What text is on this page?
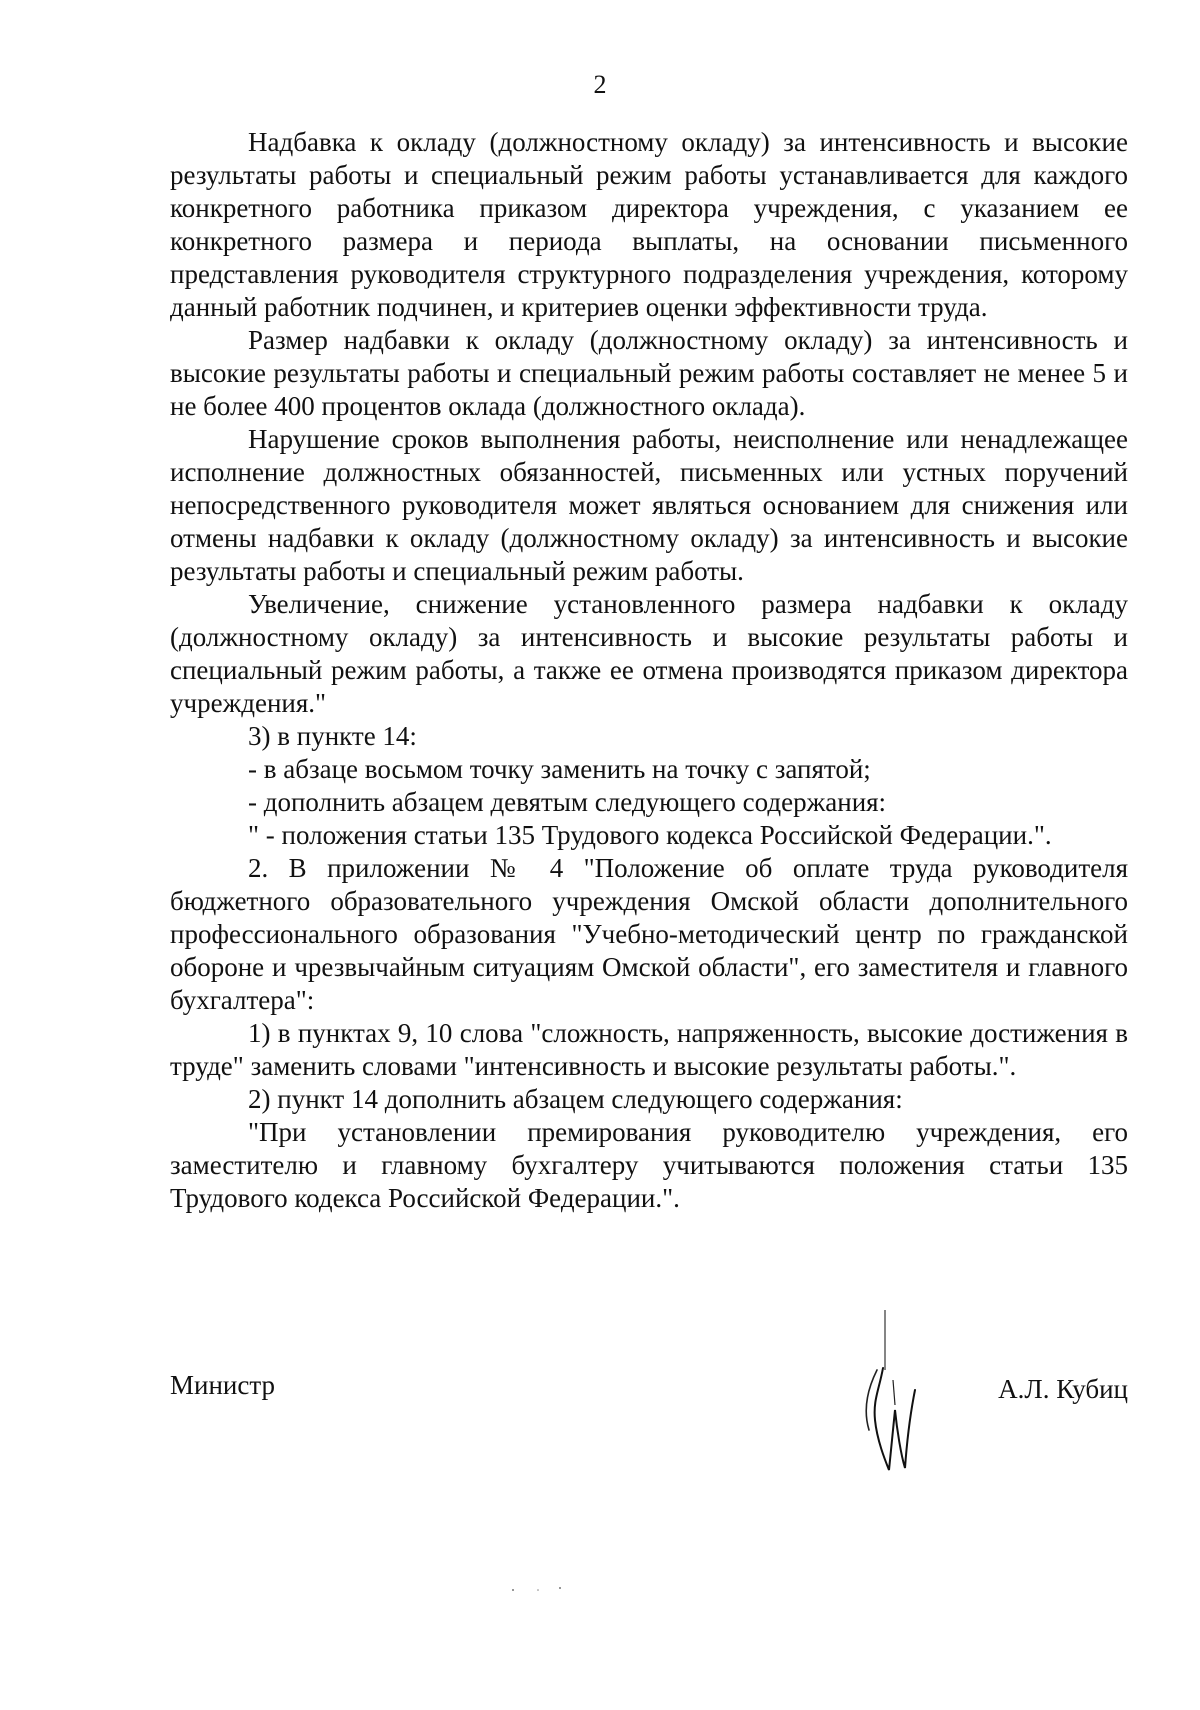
2

Надбавка к окладу (должностному окладу) за интенсивность и высокие результаты работы и специальный режим работы устанавливается для каждого конкретного работника приказом директора учреждения, с указанием ее конкретного размера и периода выплаты, на основании письменного представления руководителя структурного подразделения учреждения, которому данный работник подчинен, и критериев оценки эффективности труда.

Размер надбавки к окладу (должностному окладу) за интенсивность и высокие результаты работы и специальный режим работы составляет не менее 5 и не более 400 процентов оклада (должностного оклада).

Нарушение сроков выполнения работы, неисполнение или ненадлежащее исполнение должностных обязанностей, письменных или устных поручений непосредственного руководителя может являться основанием для снижения или отмены надбавки к окладу (должностному окладу) за интенсивность и высокие результаты работы и специальный режим работы.

Увеличение, снижение установленного размера надбавки к окладу (должностному окладу) за интенсивность и высокие результаты работы и специальный режим работы, а также ее отмена производятся приказом директора учреждения."

3) в пункте 14:

- в абзаце восьмом точку заменить на точку с запятой;

- дополнить абзацем девятым следующего содержания:

" - положения статьи 135 Трудового кодекса Российской Федерации.".

2. В приложении № 4 "Положение об оплате труда руководителя бюджетного образовательного учреждения Омской области дополнительного профессионального образования "Учебно-методический центр по гражданской обороне и чрезвычайным ситуациям Омской области", его заместителя и главного бухгалтера":

1) в пунктах 9, 10 слова "сложность, напряженность, высокие достижения в труде" заменить словами "интенсивность и высокие результаты работы.".

2) пункт 14 дополнить абзацем следующего содержания:

"При установлении премирования руководителю учреждения, его заместителю и главному бухгалтеру учитываются положения статьи 135 Трудового кодекса Российской Федерации.".

Министр	А.Л. Кубиц
